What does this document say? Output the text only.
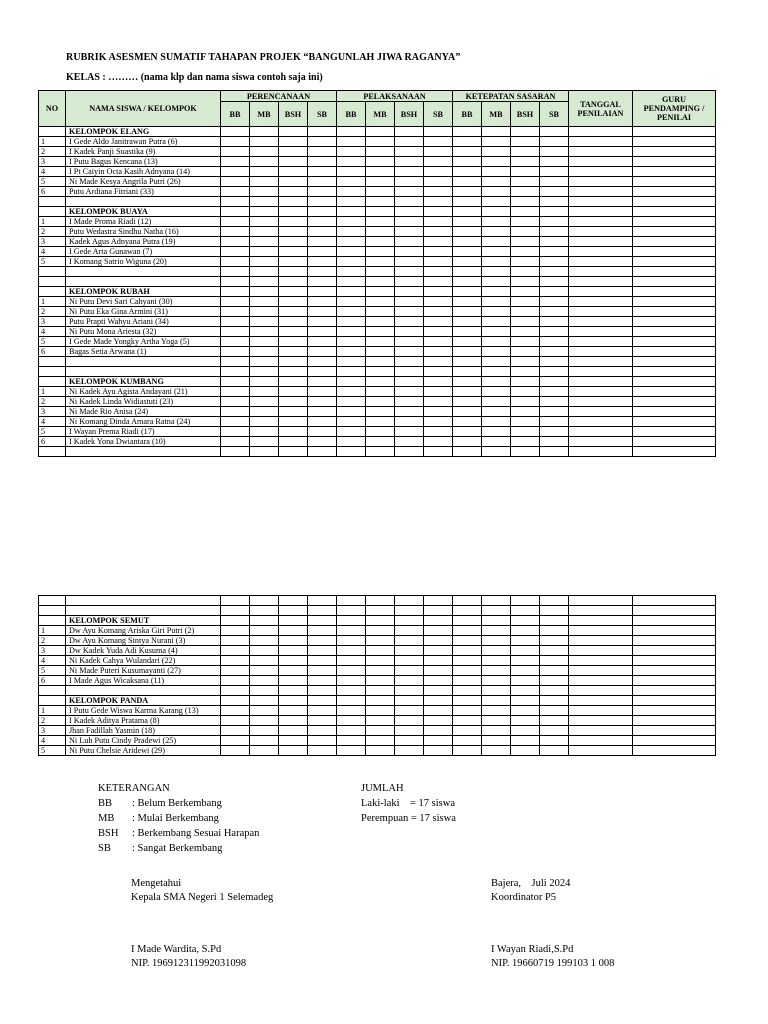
RUBRIK ASESMEN SUMATIF TAHAPAN PROJEK “BANGUNLAH JIWA RAGANYA”
KELAS : ……… (nama klp dan nama siswa contoh saja ini)
NO	NAMA SISWA / KELOMPOK	PERENCANAAN				PELAKSANAAN				KETEPATAN SASARAN				TANGGAL PENILAIAN	GURU PENDAMPING / PENILAI
		BB	MB	BSH	SB	BB	MB	BSH	SB	BB	MB	BSH	SB		
	KELOMPOK ELANG														
1	I Gede Aldo Janitrawan Putra (6)														
2	I Kadek Panji Suastika (9)														
3	I Putu Bagus Kencana (13)														
4	I Pt Caiyin Octa Kasih Adnyana (14)														
5	Ni Made Kesya Angrila Putri (26)														
6	Putu Ardiana Fitriani (33)														

	KELOMPOK BUAYA														
1	I Made Proma Riadi (12)														
2	Putu Wedastra Sindhu Natha (16)														
3	Kadek Agus Adnyana Putra (19)														
4	I Gede Arta Gunawan (7)														
5	I Komang Satrio Wiguna (20)														

	KELOMPOK RUBAH														
1	Ni Putu Devi Sari Cahyani (30)														
2	Ni Putu Eka Gina Armini (31)														
3	Putu Prapti Wahyu Ariani (34)														
4	Ni Putu Mona Ariesta (32)														
5	I Gede Made Yongky Artha Yoga (5)														
6	Bagas Setia Arwana (1)														

	KELOMPOK KUMBANG														
1	Ni Kadek Ayu Agista Andayani (21)														
2	Ni Kadek Linda Widiastuti (23)														
3	Ni Made Rio Anisa (24)														
4	Ni Komang Dinda Amara Ratna (24)														
5	I Wayan Prema Riadi (17)														
6	I Kadek Yona Dwiantara (10)														

	KELOMPOK SEMUT														
1	Dw Ayu Komang Ariska Giri Putri (2)														
2	Dw Ayu Komang Sintya Nurani (3)														
3	Dw Kadek Yuda Adi Kusuma (4)														
4	Ni Kadek Cahya Wulandari (22)														
5	Ni Made Puteri Kusumayanti (27)														
6	I Made Agus Wicaksana (11)														

	KELOMPOK PANDA														
1	I Putu Gede Wiswa Karma Karang (13)														
2	I Kadek Aditya Pratama (8)														
3	Jhan Fadillah Yasmin (18)														
4	Ni Luh Putu Cindy Pradewi (25)														
5	Ni Putu Chelsie Aridewi (29)														
KETERANGAN
BB : Belum Berkembang
MB : Mulai Berkembang
BSH : Berkembang Sesuai Harapan
SB : Sangat Berkembang
JUMLAH
Laki-laki    = 17 siswa
Perempuan = 17 siswa
Mengetahui
Kepala SMA Negeri 1 Selemadeg
I Made Wardita, S.Pd
NIP. 196912311992031098
Bajera,    Juli 2024
Koordinator P5
I Wayan Riadi,S.Pd
NIP. 19660719 199103 1 008
